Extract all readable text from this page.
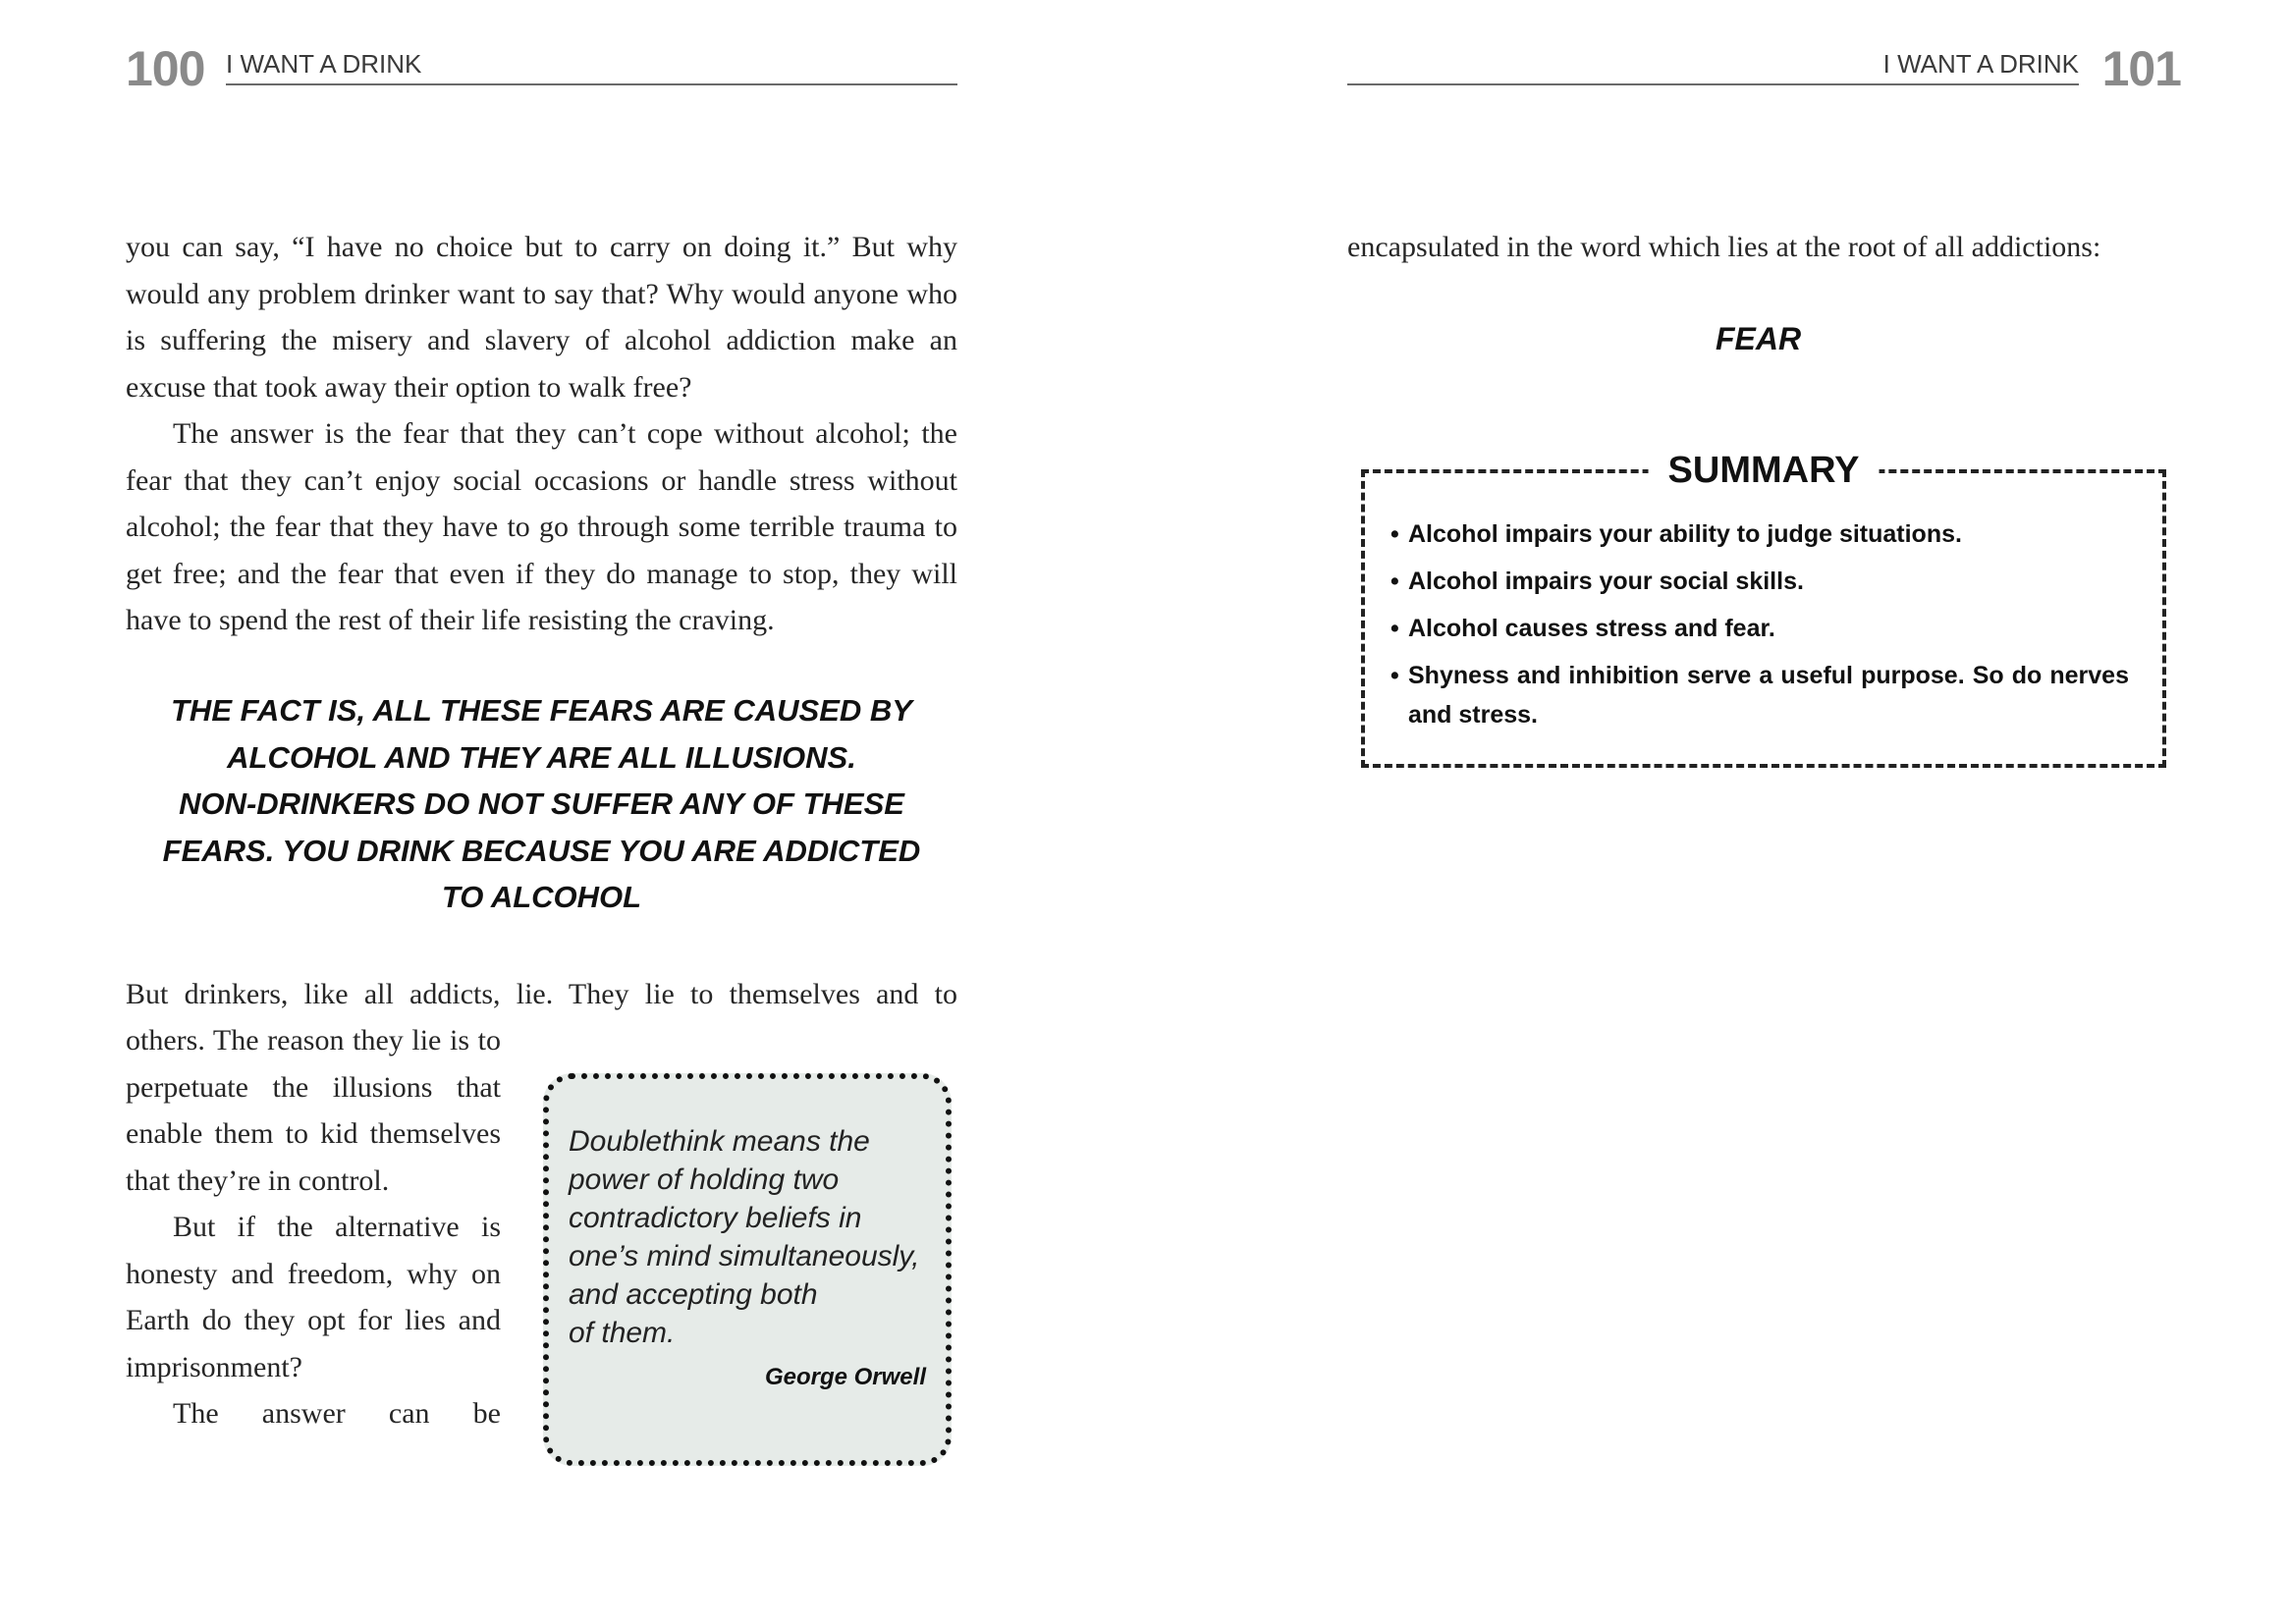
100 I WANT A DRINK

you can say, “I have no choice but to carry on doing it.” But why would any problem drinker want to say that? Why would anyone who is suffering the misery and slavery of alcohol addiction make an excuse that took away their option to walk free?

The answer is the fear that they can’t cope without alcohol; the fear that they can’t enjoy social occasions or handle stress without alcohol; the fear that they have to go through some terrible trauma to get free; and the fear that even if they do manage to stop, they will have to spend the rest of their life resisting the craving.

THE FACT IS, ALL THESE FEARS ARE CAUSED BY
ALCOHOL AND THEY ARE ALL ILLUSIONS.
NON-DRINKERS DO NOT SUFFER ANY OF THESE
FEARS. YOU DRINK BECAUSE YOU ARE ADDICTED
TO ALCOHOL

But drinkers, like all addicts, lie. They lie to themselves and to

others. The reason they lie is to perpetuate the illusions that enable them to kid themselves that they’re in control.

But if the alternative is honesty and freedom, why on Earth do they opt for lies and imprisonment?

The answer can be

Doublethink means the
power of holding two
contradictory beliefs in
one’s mind simultaneously,
and accepting both
of them.
George Orwell
I WANT A DRINK 101
encapsulated in the word which lies at the root of all addictions:
FEAR
SUMMARY
• Alcohol impairs your ability to judge situations.
• Alcohol impairs your social skills.
• Alcohol causes stress and fear.
• Shyness and inhibition serve a useful purpose. So do nerves and stress.
